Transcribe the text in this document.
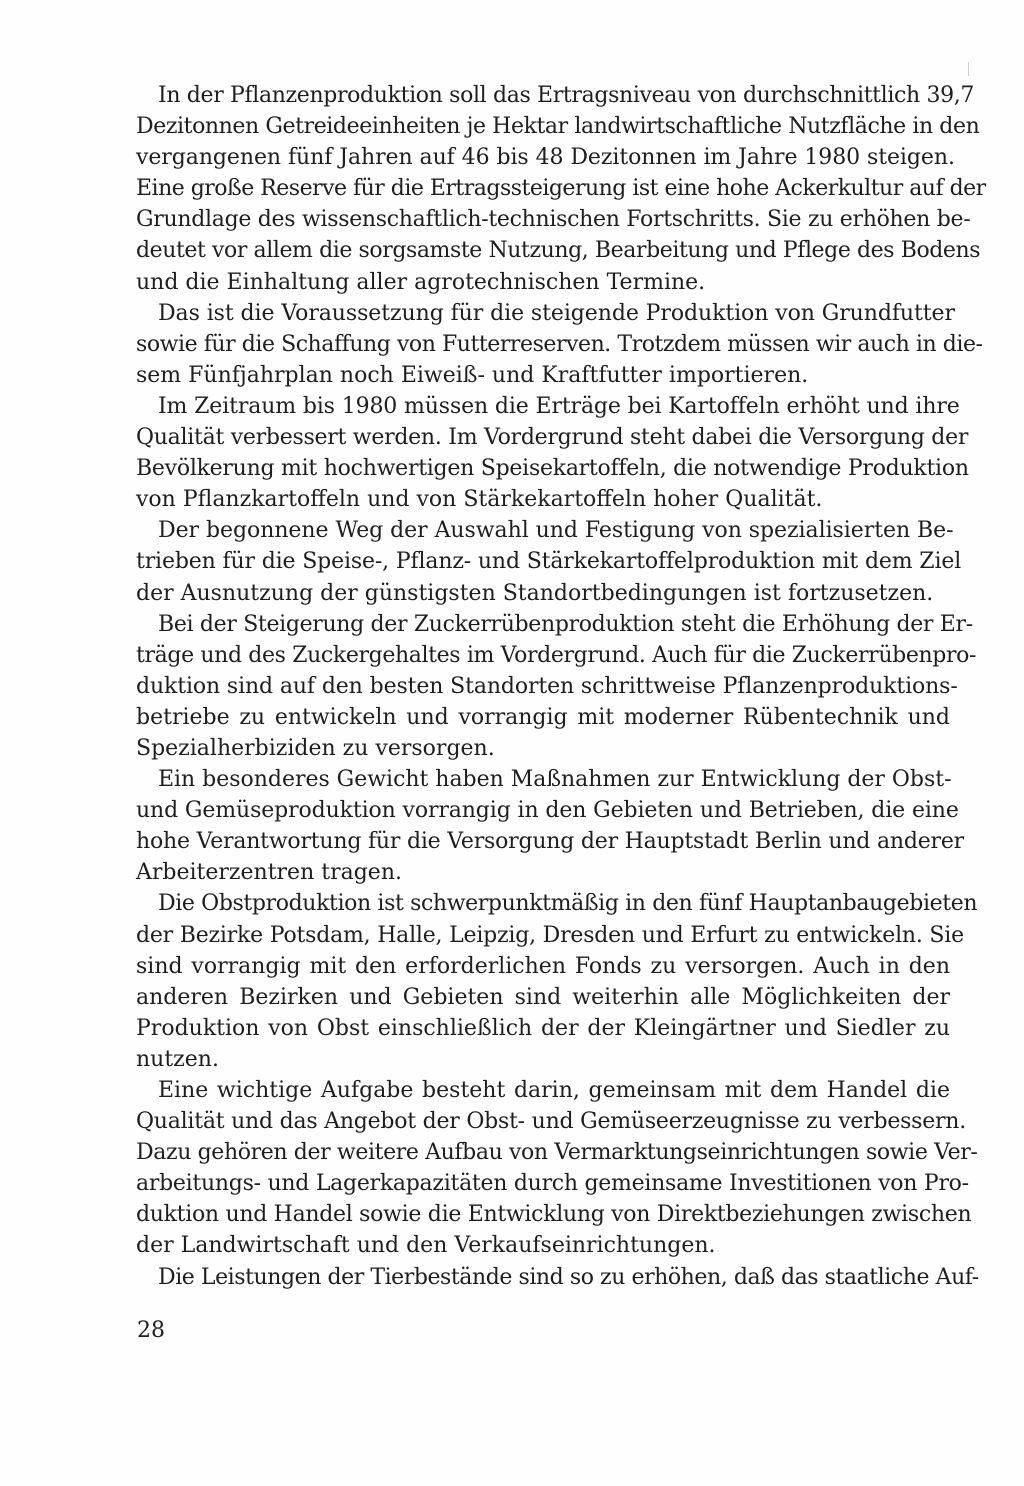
In der Pflanzenproduktion soll das Ertragsniveau von durchschnittlich 39,7
Dezitonnen Getreideeinheiten je Hektar landwirtschaftliche Nutzfläche in den
vergangenen fünf Jahren auf 46 bis 48 Dezitonnen im Jahre 1980 steigen.
Eine große Reserve für die Ertragssteigerung ist eine hohe Ackerkultur auf der
Grundlage des wissenschaftlich-technischen Fortschritts. Sie zu erhöhen be-
deutet vor allem die sorgsamste Nutzung, Bearbeitung und Pflege des Bodens
und die Einhaltung aller agrotechnischen Termine.
Das ist die Voraussetzung für die steigende Produktion von Grundfutter
sowie für die Schaffung von Futterreserven. Trotzdem müssen wir auch in die-
sem Fünfjahrplan noch Eiweiß- und Kraftfutter importieren.
Im Zeitraum bis 1980 müssen die Erträge bei Kartoffeln erhöht und ihre
Qualität verbessert werden. Im Vordergrund steht dabei die Versorgung der
Bevölkerung mit hochwertigen Speisekartoffeln, die notwendige Produktion
von Pflanzkartoffeln und von Stärkekartoffeln hoher Qualität.
Der begonnene Weg der Auswahl und Festigung von spezialisierten Be-
trieben für die Speise-, Pflanz- und Stärkekartoffelproduktion mit dem Ziel
der Ausnutzung der günstigsten Standortbedingungen ist fortzusetzen.
Bei der Steigerung der Zuckerrübenproduktion steht die Erhöhung der Er-
träge und des Zuckergehaltes im Vordergrund. Auch für die Zuckerrübenpro-
duktion sind auf den besten Standorten schrittweise Pflanzenproduktions-
betriebe zu entwickeln und vorrangig mit moderner Rübentechnik und
Spezialherbiziden zu versorgen.
Ein besonderes Gewicht haben Maßnahmen zur Entwicklung der Obst-
und Gemüseproduktion vorrangig in den Gebieten und Betrieben, die eine
hohe Verantwortung für die Versorgung der Hauptstadt Berlin und anderer
Arbeiterzentren tragen.
Die Obstproduktion ist schwerpunktmäßig in den fünf Hauptanbaugebieten
der Bezirke Potsdam, Halle, Leipzig, Dresden und Erfurt zu entwickeln. Sie
sind vorrangig mit den erforderlichen Fonds zu versorgen. Auch in den
anderen Bezirken und Gebieten sind weiterhin alle Möglichkeiten der
Produktion von Obst einschließlich der der Kleingärtner und Siedler zu
nutzen.
Eine wichtige Aufgabe besteht darin, gemeinsam mit dem Handel die
Qualität und das Angebot der Obst- und Gemüseerzeugnisse zu verbessern.
Dazu gehören der weitere Aufbau von Vermarktungseinrichtungen sowie Ver-
arbeitungs- und Lagerkapazitäten durch gemeinsame Investitionen von Pro-
duktion und Handel sowie die Entwicklung von Direktbeziehungen zwischen
der Landwirtschaft und den Verkaufseinrichtungen.
Die Leistungen der Tierbestände sind so zu erhöhen, daß das staatliche Auf-
28
